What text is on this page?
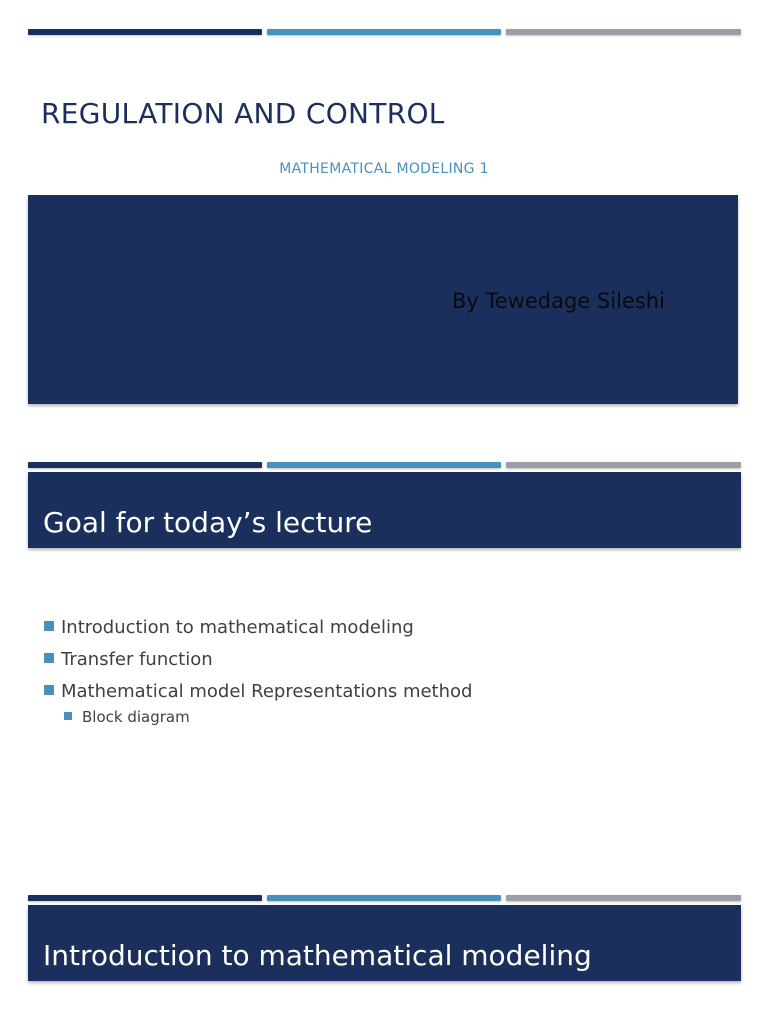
REGULATION AND CONTROL
MATHEMATICAL MODELING 1
By Tewedage Sileshi
Goal for today’s lecture
Introduction to mathematical modeling
Transfer function
Mathematical model Representations method
Block diagram
Introduction to mathematical modeling
